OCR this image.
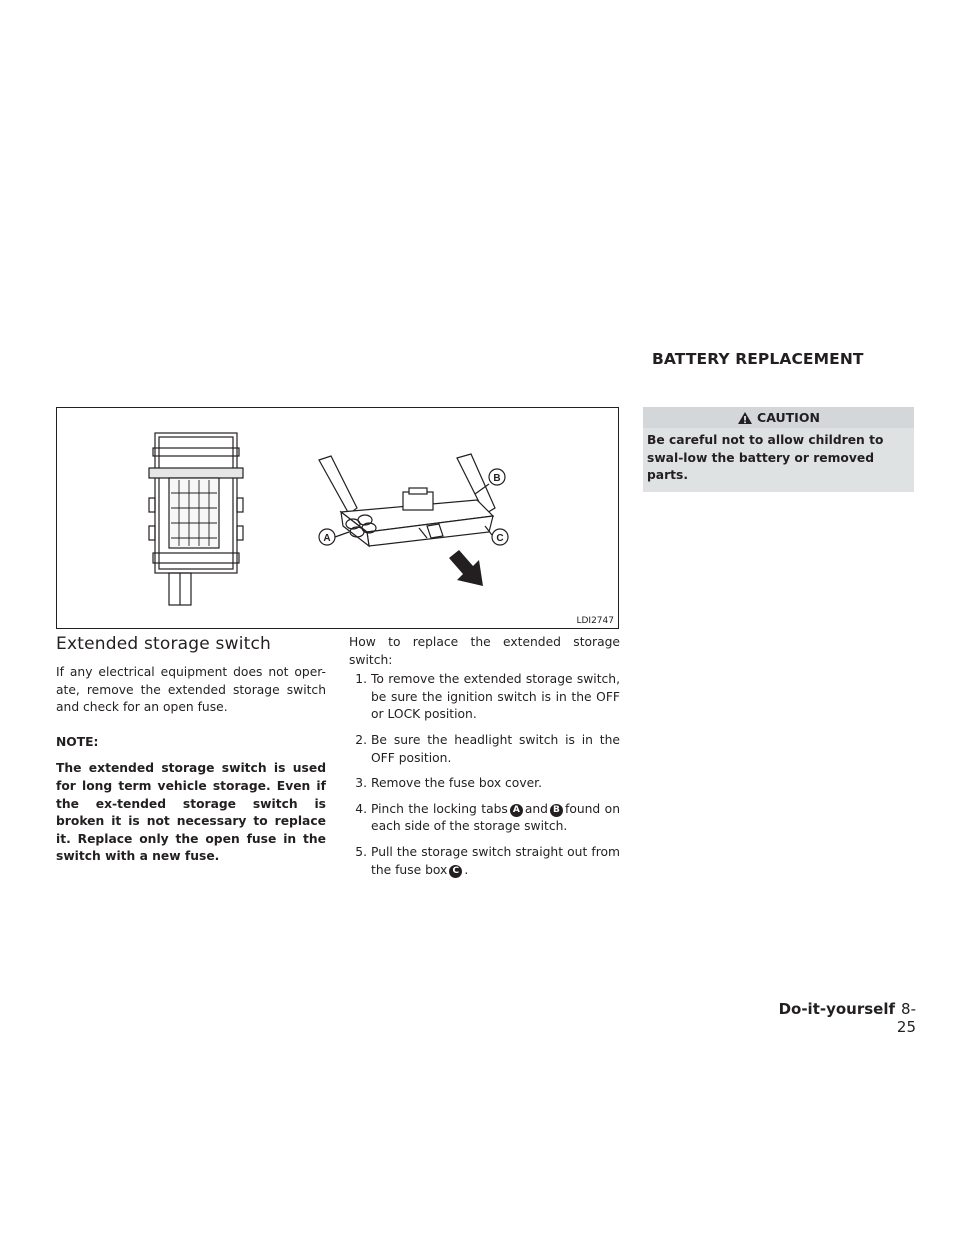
BATTERY REPLACEMENT
B
A	C
LDI2747
Extended storage switch

If any electrical equipment does not oper-ate, remove the extended storage switch and check for an open fuse.

NOTE:

The extended storage switch is used for long term vehicle storage. Even if the ex-tended storage switch is broken it is not necessary to replace it. Replace only the open fuse in the switch with a new fuse.

How to replace the extended storage switch:

1. To remove the extended storage switch, be sure the ignition switch is in the OFF or LOCK position.
2. Be sure the headlight switch is in the OFF position.
3. Remove the fuse box cover.
4. Pinch the locking tabs A and B found on each side of the storage switch.
5. Pull the storage switch straight out from the fuse box C .
CAUTION
Be careful not to allow children to swal-low the battery or removed parts.
Do-it-yourself 8-25
